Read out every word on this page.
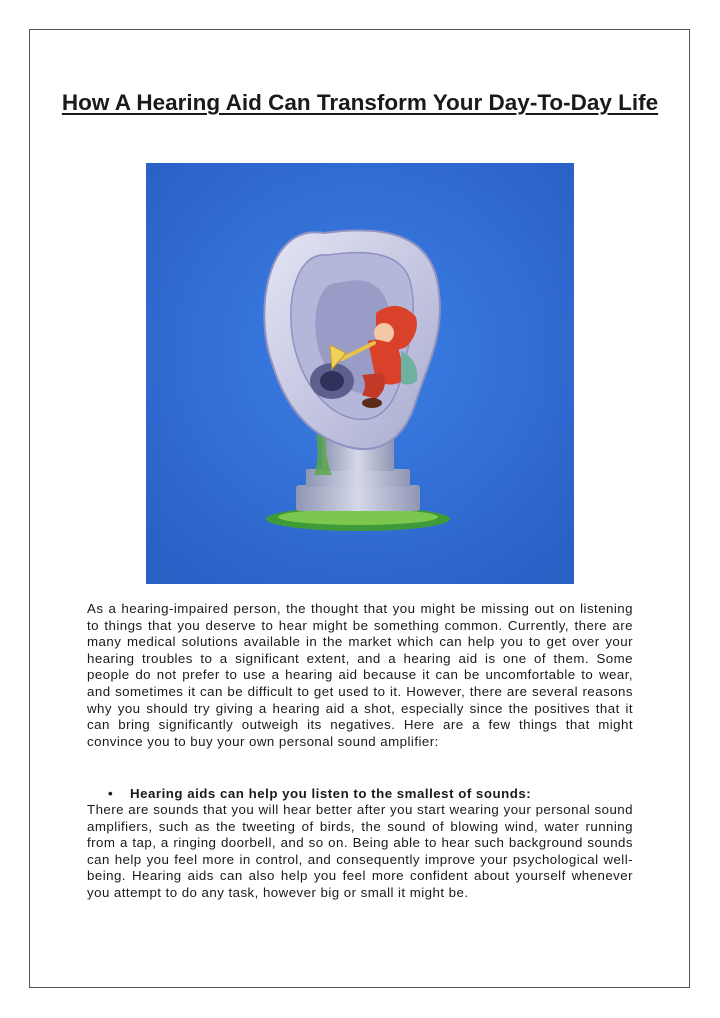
How A Hearing Aid Can Transform Your Day-To-Day Life

As a hearing-impaired person, the thought that you might be missing out on listening to things that you deserve to hear might be something common. Currently, there are many medical solutions available in the market which can help you to get over your hearing troubles to a significant extent, and a hearing aid is one of them. Some people do not prefer to use a hearing aid because it can be uncomfortable to wear, and sometimes it can be difficult to get used to it. However, there are several reasons why you should try giving a hearing aid a shot, especially since the positives that it can bring significantly outweigh its negatives. Here are a few things that might convince you to buy your own personal sound amplifier:

• Hearing aids can help you listen to the smallest of sounds:

There are sounds that you will hear better after you start wearing your personal sound amplifiers, such as the tweeting of birds, the sound of blowing wind, water running from a tap, a ringing doorbell, and so on. Being able to hear such background sounds can help you feel more in control, and consequently improve your psychological well-being. Hearing aids can also help you feel more confident about yourself whenever you attempt to do any task, however big or small it might be.
